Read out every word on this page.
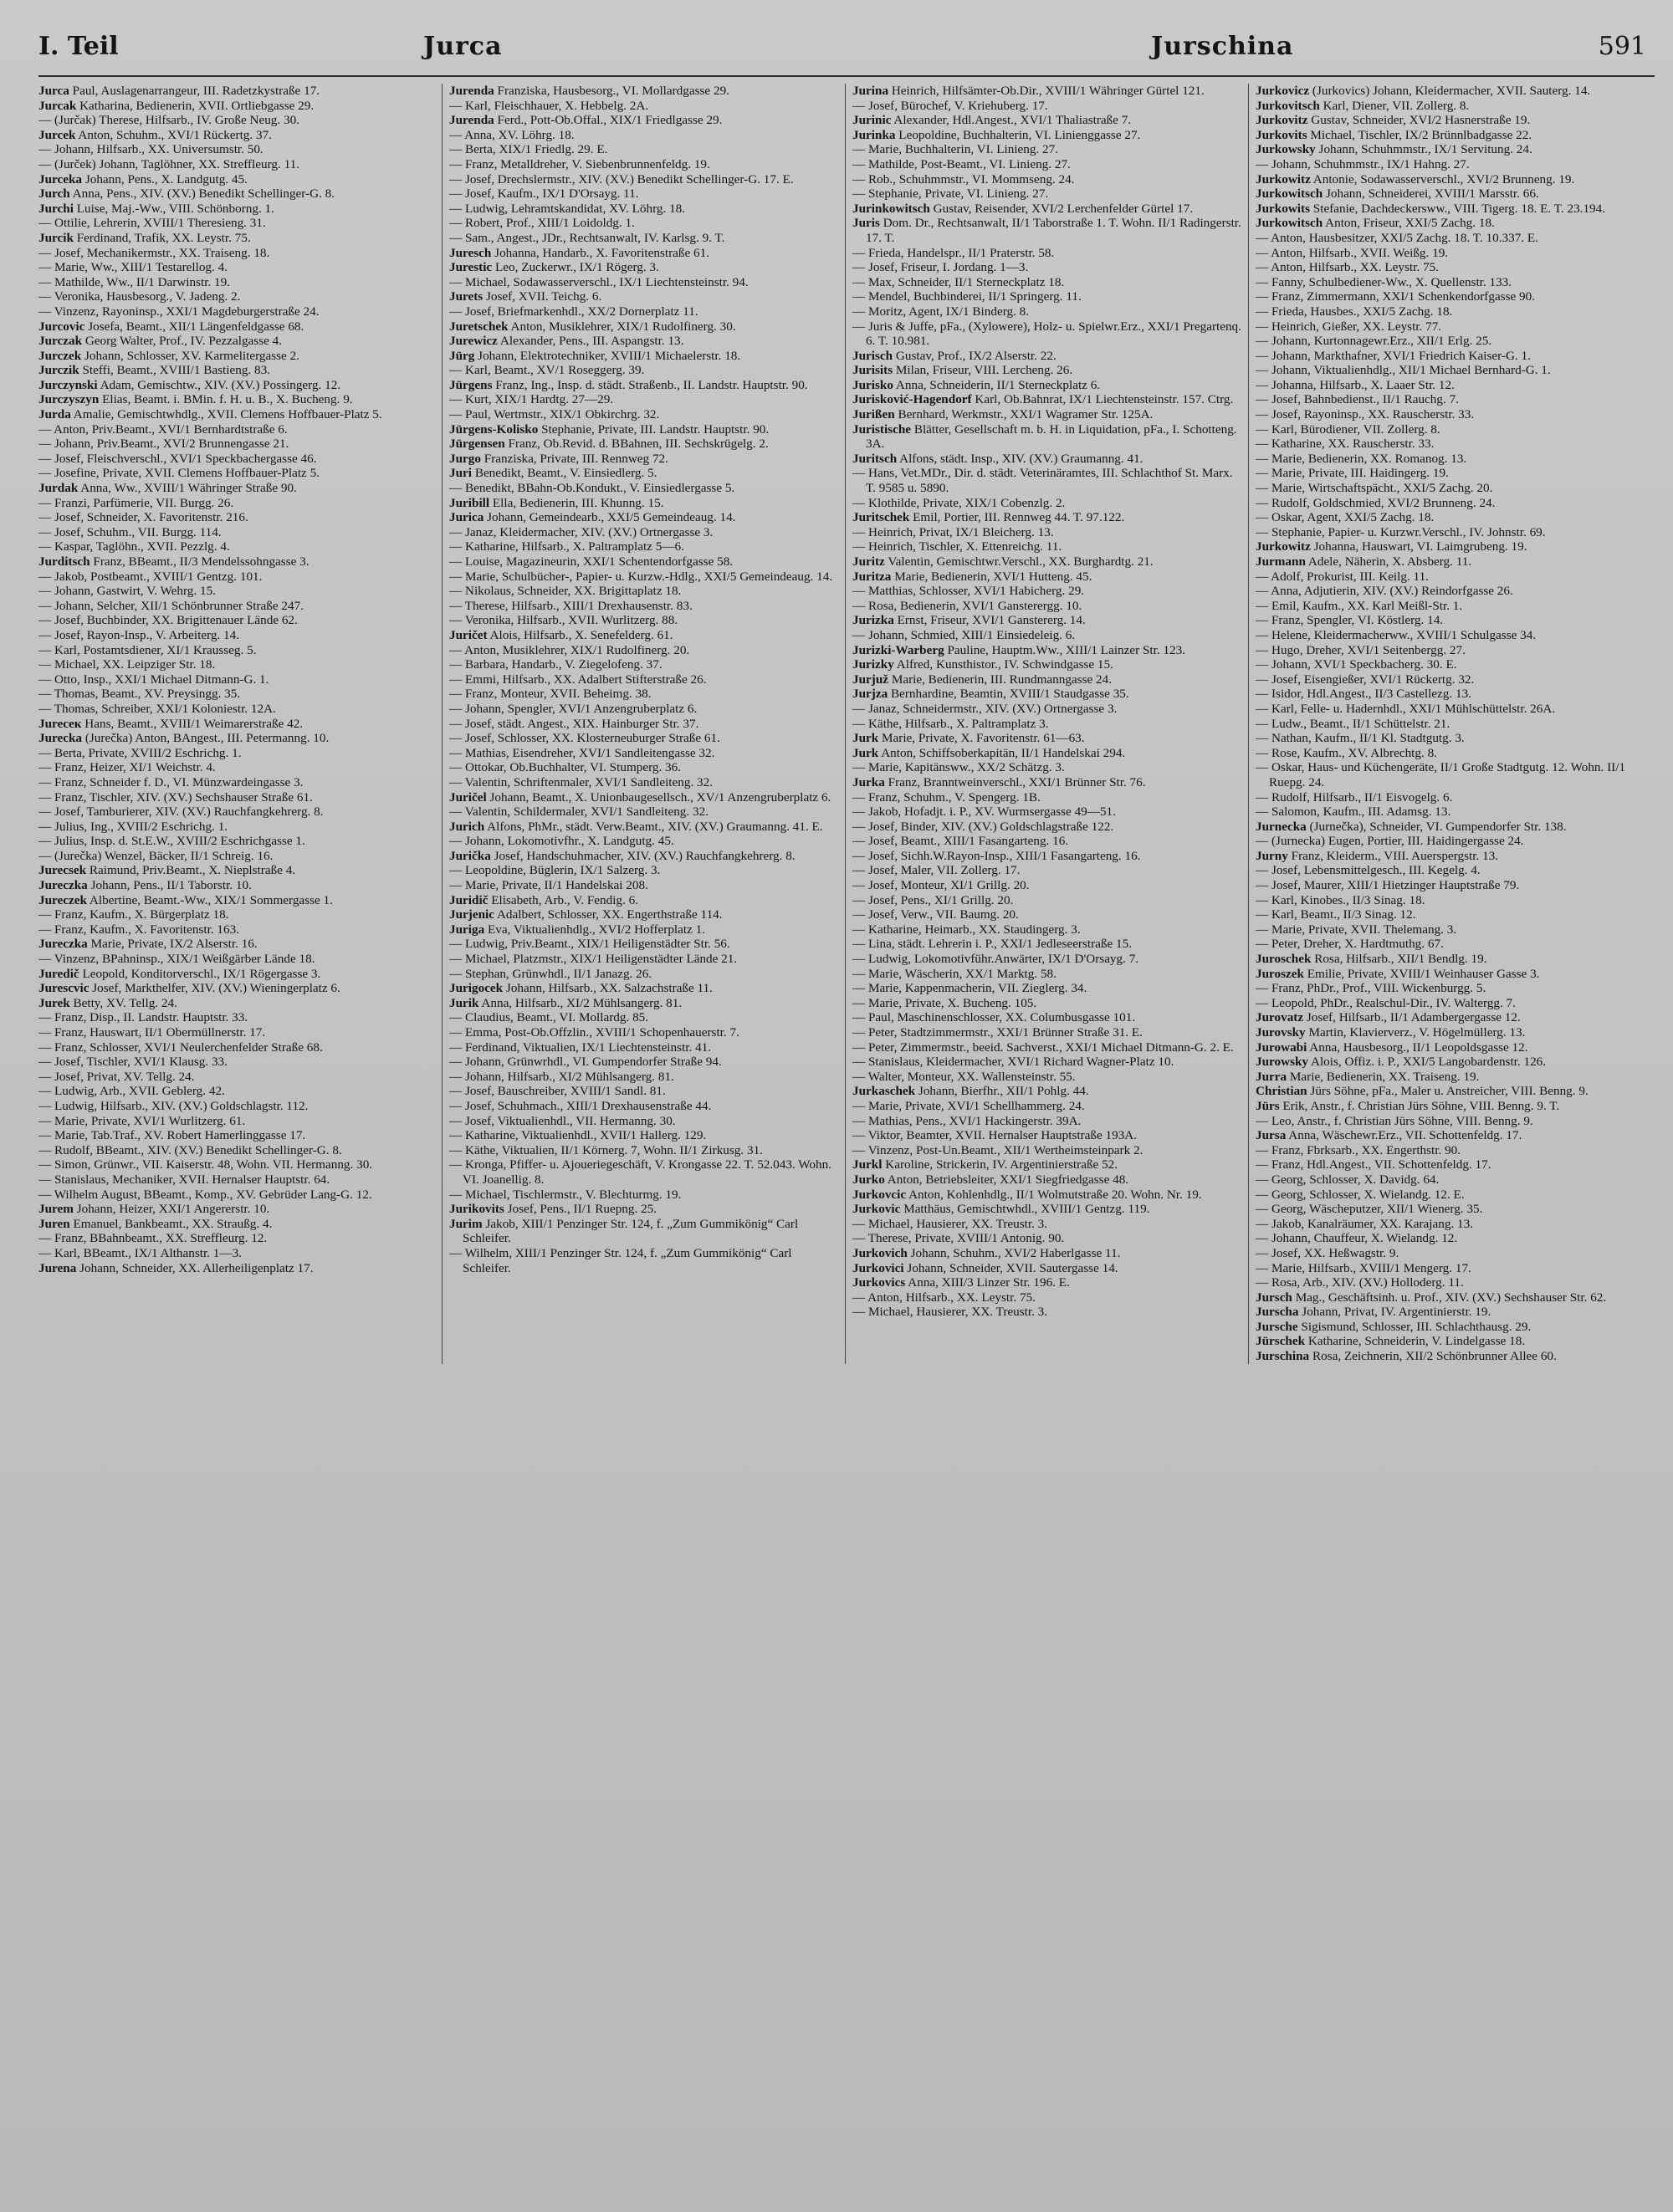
I. Teil	Jurca	Jurschina	591

Jurca Paul, Auslagenarrangeur, III. Radetzkystraße 17.

Jurcak Katharina, Bedienerin, XVII. Ortliebgasse 29.

— (Jurčak) Therese, Hilfsarb., IV. Große Neug. 30.

Jurcek Anton, Schuhm., XVI/1 Rückertg. 37.

— Johann, Hilfsarb., XX. Universumstr. 50.

— (Jurček) Johann, Taglöhner, XX. Streffleurg. 11.

Jurceka Johann, Pens., X. Landgutg. 45.

Jurch Anna, Pens., XIV. (XV.) Benedikt Schellinger-G. 8.

Jurchi Luise, Maj.-Ww., VIII. Schönborng. 1.

— Ottilie, Lehrerin, XVIII/1 Theresieng. 31.

Jurcik Ferdinand, Trafik, XX. Leystr. 75.

— Josef, Mechanikermstr., XX. Traiseng. 18.

— Marie, Ww., XIII/1 Testarellog. 4.

— Mathilde, Ww., II/1 Darwinstr. 19.

— Veronika, Hausbesorg., V. Jadeng. 2.

— Vinzenz, Rayoninsp., XXI/1 Magdeburgerstraße 24.

Jurcovic Josefa, Beamt., XII/1 Längenfeldgasse 68.

Jurczak Georg Walter, Prof., IV. Pezzalgasse 4.

Jurczek Johann, Schlosser, XV. Karmelitergasse 2.

Jurczik Steffi, Beamt., XVIII/1 Bastieng. 83.

Jurczynski Adam, Gemischtw., XIV. (XV.) Possingerg. 12.

Jurczyszyn Elias, Beamt. i. BMin. f. H. u. B., X. Bucheng. 9.

Jurda Amalie, Gemischtwhdlg., XVII. Clemens Hoffbauer-Platz 5.

— Anton, Priv.Beamt., XVI/1 Bernhardtstraße 6.

— Johann, Priv.Beamt., XVI/2 Brunnengasse 21.

— Josef, Fleischverschl., XVI/1 Speckbachergasse 46.

— Josefine, Private, XVII. Clemens Hoffbauer-Platz 5.

Jurdak Anna, Ww., XVIII/1 Währinger Straße 90.

— Franzi, Parfümerie, VII. Burgg. 26.

— Josef, Schneider, X. Favoritenstr. 216.

— Josef, Schuhm., VII. Burgg. 114.

— Kaspar, Taglöhn., XVII. Pezzlg. 4.

Jurditsch Franz, BBeamt., II/3 Mendelssohngasse 3.

— Jakob, Postbeamt., XVIII/1 Gentzg. 101.

— Johann, Gastwirt, V. Wehrg. 15.

— Johann, Selcher, XII/1 Schönbrunner Straße 247.

— Josef, Buchbinder, XX. Brigittenauer Lände 62.

— Josef, Rayon-Insp., V. Arbeiterg. 14.

— Karl, Postamtsdiener, XI/1 Krausseg. 5.

— Michael, XX. Leipziger Str. 18.

— Otto, Insp., XXI/1 Michael Ditmann-G. 1.

— Thomas, Beamt., XV. Preysingg. 35.

— Thomas, Schreiber, XXI/1 Koloniestr. 12A.

Jureceк Hans, Beamt., XVIII/1 Weimarerstraße 42.

Jurecka (Jurečka) Anton, BAngest., III. Petermanng. 10.

— Berta, Private, XVIII/2 Eschrichg. 1.

— Franz, Heizer, XI/1 Weichstr. 4.

— Franz, Schneider f. D., VI. Münzwardeingasse 3.

— Franz, Tischler, XIV. (XV.) Sechshauser Straße 61.

— Josef, Tamburierer, XIV. (XV.) Rauchfangkehrerg. 8.

— Julius, Ing., XVIII/2 Eschrichg. 1.

— Julius, Insp. d. St.E.W., XVIII/2 Eschrichgasse 1.

— (Jurečka) Wenzel, Bäcker, II/1 Schreig. 16.

Jurecsek Raimund, Priv.Beamt., X. Nieplstraße 4.

Jureczka Johann, Pens., II/1 Taborstr. 10.

Jureczek Albertine, Beamt.-Ww., XIX/1 Sommergasse 1.

— Franz, Kaufm., X. Bürgerplatz 18.

— Franz, Kaufm., X. Favoritenstr. 163.

Jureczka Marie, Private, IX/2 Alserstr. 16.

— Vinzenz, BPahninsp., XIX/1 Weißgärber Lände 18.

Juredič Leopold, Konditorverschl., IX/1 Rögergasse 3.

Jurescvic Josef, Markthelfer, XIV. (XV.) Wieningerplatz 6.

Jurek Betty, XV. Tellg. 24.

— Franz, Disp., II. Landstr. Hauptstr. 33.

— Franz, Hauswart, II/1 Obermüllnerstr. 17.

— Franz, Schlosser, XVI/1 Neulerchenfelder Straße 68.

— Josef, Tischler, XVI/1 Klausg. 33.

— Josef, Privat, XV. Tellg. 24.

— Ludwig, Arb., XVII. Geblerg. 42.

— Ludwig, Hilfsarb., XIV. (XV.) Goldschlagstr. 112.

— Marie, Private, XVI/1 Wurlitzerg. 61.

— Marie, Tab.Traf., XV. Robert Hamerlinggasse 17.

— Rudolf, BBeamt., XIV. (XV.) Benedikt Schellinger-G. 8.

— Simon, Grünwr., VII. Kaiserstr. 48, Wohn. VII. Hermanng. 30.

— Stanislaus, Mechaniker, XVII. Hernalser Hauptstr. 64.

— Wilhelm August, BBeamt., Komp., XV. Gebrüder Lang-G. 12.

Jurem Johann, Heizer, XXI/1 Angererstr. 10.

Juren Emanuel, Bankbeamt., XX. Straußg. 4.

— Franz, BBahnbeamt., XX. Streffleurg. 12.

— Karl, BBeamt., IX/1 Althanstr. 1—3.

Jurena Johann, Schneider, XX. Allerheiligenplatz 17.

Jurenda Franziska, Hausbesorg., VI. Mollardgasse 29.

— Karl, Fleischhauer, X. Hebbelg. 2A.

Jurenda Ferd., Pott-Ob.Offal., XIX/1 Friedlgasse 29.

— Anna, XV. Löhrg. 18.

— Berta, XIX/1 Friedlg. 29. E.

— Franz, Metalldreher, V. Siebenbrunnenfeldg. 19.

— Josef, Drechslermstr., XIV. (XV.) Benedikt Schellinger-G. 17. E.

— Josef, Kaufm., IX/1 D'Orsayg. 11.

— Ludwig, Lehramtskandidat, XV. Löhrg. 18.

— Robert, Prof., XIII/1 Loidoldg. 1.

— Sam., Angest., JDr., Rechtsanwalt, IV. Karlsg. 9. T.

Juresch Johanna, Handarb., X. Favoritenstraße 61.

Jurestic Leo, Zuckerwr., IX/1 Rögerg. 3.

— Michael, Sodawasserverschl., IX/1 Liechtensteinstr. 94.

Jurets Josef, XVII. Teichg. 6.

— Josef, Briefmarkenhdl., XX/2 Dornerplatz 11.

Juretschek Anton, Musiklehrer, XIX/1 Rudolfinerg. 30.

Jurewicz Alexander, Pens., III. Aspangstr. 13.

Jürg Johann, Elektrotechniker, XVIII/1 Michaelerstr. 18.

— Karl, Beamt., XV/1 Roseggerg. 39.

Jürgens Franz, Ing., Insp. d. städt. Straßenb., II. Landstr. Hauptstr. 90.

— Kurt, XIX/1 Hardtg. 27—29.

— Paul, Wertmstr., XIX/1 Obkirchrg. 32.

Jürgens-Kolisko Stephanie, Private, III. Landstr. Hauptstr. 90.

Jürgensen Franz, Ob.Revid. d. BBahnen, III. Sechskrügelg. 2.

Jurgo Franziska, Private, III. Rennweg 72.

Juri Benedikt, Beamt., V. Einsiedlerg. 5.

— Benedikt, BBahn-Ob.Kondukt., V. Einsiedlergasse 5.

Juribill Ella, Bedienerin, III. Khunng. 15.

Jurica Johann, Gemeindearb., XXI/5 Gemeindeaug. 14.

— Janaz, Kleidermacher, XIV. (XV.) Ortnergasse 3.

— Katharine, Hilfsarb., X. Paltramplatz 5—6.

— Louise, Magazineurin, XXI/1 Schentendorfgasse 58.

— Marie, Schulbücher-, Papier- u. Kurzw.-Hdlg., XXI/5 Gemeindeaug. 14.

— Nikolaus, Schneider, XX. Brigittaplatz 18.

— Therese, Hilfsarb., XIII/1 Drexhausenstr. 83.

— Veronika, Hilfsarb., XVII. Wurlitzerg. 88.

Juričet Alois, Hilfsarb., X. Senefelderg. 61.

— Anton, Musiklehrer, XIX/1 Rudolfinerg. 20.

— Barbara, Handarb., V. Ziegelofeng. 37.

— Emmi, Hilfsarb., XX. Adalbert Stifterstraße 26.

— Franz, Monteur, XVII. Beheimg. 38.

— Johann, Spengler, XVI/1 Anzengruberplatz 6.

— Josef, städt. Angest., XIX. Hainburger Str. 37.

— Josef, Schlosser, XX. Klosterneuburger Straße 61.

— Mathias, Eisendreher, XVI/1 Sandleitengasse 32.

— Ottokar, Ob.Buchhalter, VI. Stumperg. 36.

— Valentin, Schriftenmaler, XVI/1 Sandleiteng. 32.

Juričel Johann, Beamt., X. Unionbaugesellsch., XV/1 Anzengruberplatz 6.

— Valentin, Schildermaler, XVI/1 Sandleiteng. 32.

Jurich Alfons, PhMr., städt. Verw.Beamt., XIV. (XV.) Graumanng. 41. E.

— Johann, Lokomotivfhr., X. Landgutg. 45.

Jurička Josef, Handschuhmacher, XIV. (XV.) Rauchfangkehrerg. 8.

— Leopoldine, Büglerin, IX/1 Salzerg. 3.

— Marie, Private, II/1 Handelskai 208.

Juridič Elisabeth, Arb., V. Fendig. 6.

Jurjenic Adalbert, Schlosser, XX. Engerthstraße 114.

Juriga Eva, Viktualienhdlg., XVI/2 Hofferplatz 1.

— Ludwig, Priv.Beamt., XIX/1 Heiligenstädter Str. 56.

— Michael, Platzmstr., XIX/1 Heiligenstädter Lände 21.

— Stephan, Grünwhdl., II/1 Janazg. 26.

Jurigocek Johann, Hilfsarb., XX. Salzachstraße 11.

Jurik Anna, Hilfsarb., XI/2 Mühlsangerg. 81.

— Claudius, Beamt., VI. Mollardg. 85.

— Emma, Post-Ob.Offzlin., XVIII/1 Schopenhauerstr. 7.

— Ferdinand, Viktualien, IX/1 Liechtensteinstr. 41.

— Johann, Grünwrhdl., VI. Gumpendorfer Straße 94.

— Johann, Hilfsarb., XI/2 Mühlsangerg. 81.

— Josef, Bauschreiber, XVIII/1 Sandl. 81.

— Josef, Schuhmach., XIII/1 Drexhausenstraße 44.

— Josef, Viktualienhdl., VII. Hermanng. 30.

— Katharine, Viktualienhdl., XVII/1 Hallerg. 129.

— Käthe, Viktualien, II/1 Körnerg. 7, Wohn. II/1 Zirkusg. 31.

— Kronga, Pfiffer- u. Ajoueriegeschäft, V. Krongasse 22. T. 52.043. Wohn. VI. Joanellig. 8.

— Michael, Tischlermstr., V. Blechturmg. 19.

Jurikovits Josef, Pens., II/1 Ruepng. 25.

Jurim Jakob, XIII/1 Penzinger Str. 124, f. „Zum Gummikönig“ Carl Schleifer.

— Wilhelm, XIII/1 Penzinger Str. 124, f. „Zum Gummikönig“ Carl Schleifer.

Jurina Heinrich, Hilfsämter-Ob.Dir., XVIII/1 Währinger Gürtel 121.

— Josef, Bürochef, V. Kriehuberg. 17.

Jurinic Alexander, Hdl.Angest., XVI/1 Thaliastraße 7.

Jurinka Leopoldine, Buchhalterin, VI. Linienggasse 27.

— Marie, Buchhalterin, VI. Linieng. 27.

— Mathilde, Post-Beamt., VI. Linieng. 27.

— Rob., Schuhmmstr., VI. Mommseng. 24.

— Stephanie, Private, VI. Linieng. 27.

Jurinkowitsch Gustav, Reisender, XVI/2 Lerchenfelder Gürtel 17.

Juris Dom. Dr., Rechtsanwalt, II/1 Taborstraße 1. T. Wohn. II/1 Radingerstr. 17. T.

— Frieda, Handelspr., II/1 Praterstr. 58.

— Josef, Friseur, I. Jordang. 1—3.

— Max, Schneider, II/1 Sterneckplatz 18.

— Mendel, Buchbinderei, II/1 Springerg. 11.

— Moritz, Agent, IX/1 Binderg. 8.

— Juris & Juffe, pFa., (Xylowere), Holz- u. Spielwr.Erz., XXI/1 Pregartenq. 6. T. 10.981.

Jurisch Gustav, Prof., IX/2 Alserstr. 22.

Jurisits Milan, Friseur, VIII. Lercheng. 26.

Jurisko Anna, Schneiderin, II/1 Sterneckplatz 6.

Jurisković-Hagendorf Karl, Ob.Bahnrat, IX/1 Liechtensteinstr. 157. Ctrg.

Jurißen Bernhard, Werkmstr., XXI/1 Wagramer Str. 125A.

Juristische Blätter, Gesellschaft m. b. H. in Liquidation, pFa., I. Schotteng. 3A.

Juritsch Alfons, städt. Insp., XIV. (XV.) Graumanng. 41.

— Hans, Vet.MDr., Dir. d. städt. Veterinäramtes, III. Schlachthof St. Marx. T. 9585 u. 5890.

— Klothilde, Private, XIX/1 Cobenzlg. 2.

Juritschek Emil, Portier, III. Rennweg 44. T. 97.122.

— Heinrich, Privat, IX/1 Bleicherg. 13.

— Heinrich, Tischler, X. Ettenreichg. 11.

Juritz Valentin, Gemischtwr.Verschl., XX. Burghardtg. 21.

Juritza Marie, Bedienerin, XVI/1 Hutteng. 45.

— Matthias, Schlosser, XVI/1 Habicherg. 29.

— Rosa, Bedienerin, XVI/1 Gansterergg. 10.

Jurizka Ernst, Friseur, XVI/1 Ganstererg. 14.

— Johann, Schmied, XIII/1 Einsiedeleig. 6.

Jurizki-Warberg Pauline, Hauptm.Ww., XIII/1 Lainzer Str. 123.

Jurizky Alfred, Kunsthistor., IV. Schwindgasse 15.

Jurjuž Marie, Bedienerin, III. Rundmanngasse 24.

Jurjza Bernhardine, Beamtin, XVIII/1 Staudgasse 35.

— Janaz, Schneidermstr., XIV. (XV.) Ortnergasse 3.

— Käthe, Hilfsarb., X. Paltramplatz 3.

Jurk Marie, Private, X. Favoritenstr. 61—63.

Jurk Anton, Schiffsoberkapitän, II/1 Handelskai 294.

— Marie, Kapitänsww., XX/2 Schätzg. 3.

Jurka Franz, Branntweinverschl., XXI/1 Brünner Str. 76.

— Franz, Schuhm., V. Spengerg. 1B.

— Jakob, Hofadjt. i. P., XV. Wurmsergasse 49—51.

— Josef, Binder, XIV. (XV.) Goldschlagstraße 122.

— Josef, Beamt., XIII/1 Fasangarteng. 16.

— Josef, Sichh.W.Rayon-Insp., XIII/1 Fasangarteng. 16.

— Josef, Maler, VII. Zollerg. 17.

— Josef, Monteur, XI/1 Grillg. 20.

— Josef, Pens., XI/1 Grillg. 20.

— Josef, Verw., VII. Baumg. 20.

— Katharine, Heimarb., XX. Staudingerg. 3.

— Lina, städt. Lehrerin i. P., XXI/1 Jedleseerstraße 15.

— Ludwig, Lokomotivführ.Anwärter, IX/1 D'Orsayg. 7.

— Marie, Wäscherin, XX/1 Marktg. 58.

— Marie, Kappenmacherin, VII. Zieglerg. 34.

— Marie, Private, X. Bucheng. 105.

— Paul, Maschinenschlosser, XX. Columbusgasse 101.

— Peter, Stadtzimmermstr., XXI/1 Brünner Straße 31. E.

— Peter, Zimmermstr., beeid. Sachverst., XXI/1 Michael Ditmann-G. 2. E.

— Stanislaus, Kleidermacher, XVI/1 Richard Wagner-Platz 10.

— Walter, Monteur, XX. Wallensteinstr. 55.

Jurkaschek Johann, Bierfhr., XII/1 Pohlg. 44.

— Marie, Private, XVI/1 Schellhammerg. 24.

— Mathias, Pens., XVI/1 Hackingerstr. 39A.

— Viktor, Beamter, XVII. Hernalser Hauptstraße 193A.

— Vinzenz, Post-Un.Beamt., XII/1 Wertheimsteinpark 2.

Jurkl Karoline, Strickerin, IV. Argentinierstraße 52.

Jurko Anton, Betriebsleiter, XXI/1 Siegfriedgasse 48.

Jurkovcic Anton, Kohlenhdlg., II/1 Wolmutstraße 20. Wohn. Nr. 19.

Jurkovic Matthäus, Gemischtwhdl., XVIII/1 Gentzg. 119.

— Michael, Hausierer, XX. Treustr. 3.

— Therese, Private, XVIII/1 Antonig. 90.

Jurkovich Johann, Schuhm., XVI/2 Haberlgasse 11.

Jurkovici Johann, Schneider, XVII. Sautergasse 14.

Jurkovics Anna, XIII/3 Linzer Str. 196. E.

— Anton, Hilfsarb., XX. Leystr. 75.

— Michael, Hausierer, XX. Treustr. 3.

Jurkovicz (Jurkovics) Johann, Kleidermacher, XVII. Sauterg. 14.

Jurkovitsch Karl, Diener, VII. Zollerg. 8.

Jurkovitz Gustav, Schneider, XVI/2 Hasnerstraße 19.

Jurkovits Michael, Tischler, IX/2 Brünnlbadgasse 22.

Jurkowsky Johann, Schuhmmstr., IX/1 Servitung. 24.

— Johann, Schuhmmstr., IX/1 Hahng. 27.

Jurkowitz Antonie, Sodawasserverschl., XVI/2 Brunneng. 19.

Jurkowitsch Johann, Schneiderei, XVIII/1 Marsstr. 66.

Jurkowits Stefanie, Dachdeckersww., VIII. Tigerg. 18. E. T. 23.194.

Jurkowitsch Anton, Friseur, XXI/5 Zachg. 18.

— Anton, Hausbesitzer, XXI/5 Zachg. 18. T. 10.337. E.

— Anton, Hilfsarb., XVII. Weißg. 19.

— Anton, Hilfsarb., XX. Leystr. 75.

— Fanny, Schulbediener-Ww., X. Quellenstr. 133.

— Franz, Zimmermann, XXI/1 Schenkendorfgasse 90.

— Frieda, Hausbes., XXI/5 Zachg. 18.

— Heinrich, Gießer, XX. Leystr. 77.

— Johann, Kurtonnagewr.Erz., XII/1 Erlg. 25.

— Johann, Markthafner, XVI/1 Friedrich Kaiser-G. 1.

— Johann, Viktualienhdlg., XII/1 Michael Bernhard-G. 1.

— Johanna, Hilfsarb., X. Laaer Str. 12.

— Josef, Bahnbedienst., II/1 Rauchg. 7.

— Josef, Rayoninsp., XX. Rauscherstr. 33.

— Karl, Bürodiener, VII. Zollerg. 8.

— Katharine, XX. Rauscherstr. 33.

— Marie, Bedienerin, XX. Romanog. 13.

— Marie, Private, III. Haidingerg. 19.

— Marie, Wirtschaftspächt., XXI/5 Zachg. 20.

— Rudolf, Goldschmied, XVI/2 Brunneng. 24.

— Oskar, Agent, XXI/5 Zachg. 18.

— Stephanie, Papier- u. Kurzwr.Verschl., IV. Johnstr. 69.

Jurkowitz Johanna, Hauswart, VI. Laimgrubeng. 19.

Jurmann Adele, Näherin, X. Absberg. 11.

— Adolf, Prokurist, III. Keilg. 11.

— Anna, Adjutierin, XIV. (XV.) Reindorfgasse 26.

— Emil, Kaufm., XX. Karl Meißl-Str. 1.

— Franz, Spengler, VI. Köstlerg. 14.

— Helene, Kleidermacherww., XVIII/1 Schulgasse 34.

— Hugo, Dreher, XVI/1 Seitenbergg. 27.

— Johann, XVI/1 Speckbacherg. 30. E.

— Josef, Eisengießer, XVI/1 Rückertg. 32.

— Isidor, Hdl.Angest., II/3 Castellezg. 13.

— Karl, Felle- u. Hadernhdl., XXI/1 Mühlschüttelstr. 26A.

— Ludw., Beamt., II/1 Schüttelstr. 21.

— Nathan, Kaufm., II/1 Kl. Stadtgutg. 3.

— Rose, Kaufm., XV. Albrechtg. 8.

— Oskar, Haus- und Küchengeräte, II/1 Große Stadtgutg. 12. Wohn. II/1 Ruepg. 24.

— Rudolf, Hilfsarb., II/1 Eisvogelg. 6.

— Salomon, Kaufm., III. Adamsg. 13.

Jurnecka (Jurnečka), Schneider, VI. Gumpendorfer Str. 138.

— (Jurnecka) Eugen, Portier, III. Haidingergasse 24.

Jurny Franz, Kleiderm., VIII. Auerspergstr. 13.

— Josef, Lebensmittelgesch., III. Kegelg. 4.

— Josef, Maurer, XIII/1 Hietzinger Hauptstraße 79.

— Karl, Kinobes., II/3 Sinag. 18.

— Karl, Beamt., II/3 Sinag. 12.

— Marie, Private, XVII. Thelemang. 3.

— Peter, Dreher, X. Hardtmuthg. 67.

Juroschek Rosa, Hilfsarb., XII/1 Bendlg. 19.

Juroszek Emilie, Private, XVIII/1 Weinhauser Gasse 3.

— Franz, PhDr., Prof., VIII. Wickenburgg. 5.

— Leopold, PhDr., Realschul-Dir., IV. Waltergg. 7.

Jurovatz Josef, Hilfsarb., II/1 Adambergergasse 12.

Jurovsky Martin, Klavierverz., V. Högelmüllerg. 13.

Jurowabi Anna, Hausbesorg., II/1 Leopoldsgasse 12.

Jurowsky Alois, Offiz. i. P., XXI/5 Langobardenstr. 126.

Jurra Marie, Bedienerin, XX. Traiseng. 19.

Christian Jürs Söhne, pFa., Maler u. Anstreicher, VIII. Benng. 9.

Jürs Erik, Anstr., f. Christian Jürs Söhne, VIII. Benng. 9. T.

— Leo, Anstr., f. Christian Jürs Söhne, VIII. Benng. 9.

Jursa Anna, Wäschewr.Erz., VII. Schottenfeldg. 17.

— Franz, Fbrksarb., XX. Engerthstr. 90.

— Franz, Hdl.Angest., VII. Schottenfeldg. 17.

— Georg, Schlosser, X. Davidg. 64.

— Georg, Schlosser, X. Wielandg. 12. E.

— Georg, Wäscheputzer, XII/1 Wienerg. 35.

— Jakob, Kanalräumer, XX. Karajang. 13.

— Johann, Chauffeur, X. Wielandg. 12.

— Josef, XX. Heßwagstr. 9.

— Marie, Hilfsarb., XVIII/1 Mengerg. 17.

— Rosa, Arb., XIV. (XV.) Holloderg. 11.

Jursch Mag., Geschäftsinh. u. Prof., XIV. (XV.) Sechshauser Str. 62.

Jurscha Johann, Privat, IV. Argentinierstr. 19.

Jursche Sigismund, Schlosser, III. Schlachthausg. 29.

Jürschek Katharine, Schneiderin, V. Lindelgasse 18.

Jurschina Rosa, Zeichnerin, XII/2 Schönbrunner Allee 60.
